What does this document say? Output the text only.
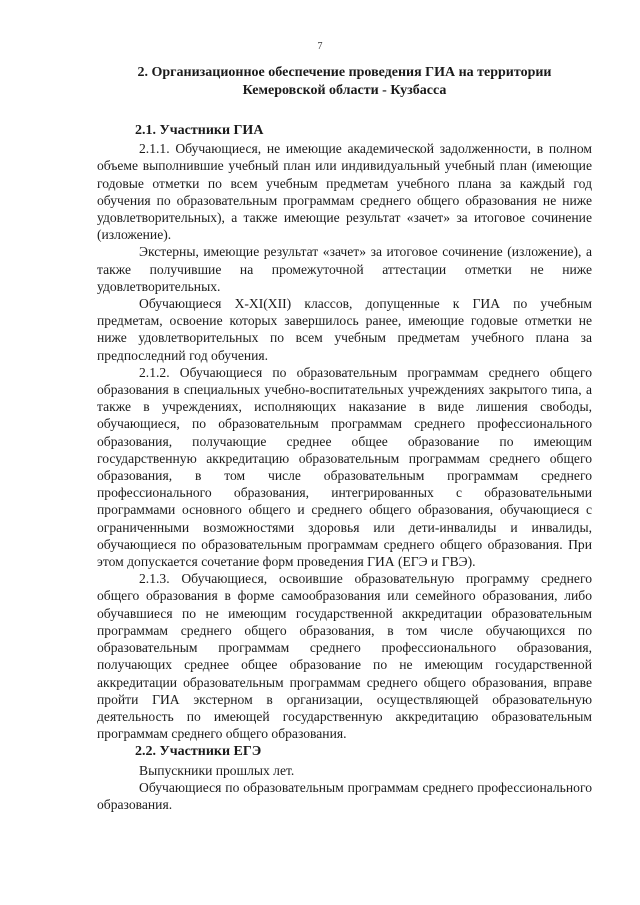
7
2. Организационное обеспечение проведения ГИА на территории Кемеровской области - Кузбасса
2.1. Участники ГИА

2.1.1. Обучающиеся, не имеющие академической задолженности, в полном объеме выполнившие учебный план или индивидуальный учебный план (имеющие годовые отметки по всем учебным предметам учебного плана за каждый год обучения по образовательным программам среднего общего образования не ниже удовлетворительных), а также имеющие результат «зачет» за итоговое сочинение (изложение).

Экстерны, имеющие результат «зачет» за итоговое сочинение (изложение), а также получившие на промежуточной аттестации отметки не ниже удовлетворительных.

Обучающиеся X-XI(XII) классов, допущенные к ГИА по учебным предметам, освоение которых завершилось ранее, имеющие годовые отметки не ниже удовлетворительных по всем учебным предметам учебного плана за предпоследний год обучения.

2.1.2. Обучающиеся по образовательным программам среднего общего образования в специальных учебно-воспитательных учреждениях закрытого типа, а также в учреждениях, исполняющих наказание в виде лишения свободы, обучающиеся, по образовательным программам среднего профессионального образования, получающие среднее общее образование по имеющим государственную аккредитацию образовательным программам среднего общего образования, в том числе образовательным программам среднего профессионального образования, интегрированных с образовательными программами основного общего и среднего общего образования, обучающиеся с ограниченными возможностями здоровья или дети-инвалиды и инвалиды, обучающиеся по образовательным программам среднего общего образования. При этом допускается сочетание форм проведения ГИА (ЕГЭ и ГВЭ).

2.1.3. Обучающиеся, освоившие образовательную программу среднего общего образования в форме самообразования или семейного образования, либо обучавшиеся по не имеющим государственной аккредитации образовательным программам среднего общего образования, в том числе обучающихся по образовательным программам среднего профессионального образования, получающих среднее общее образование по не имеющим государственной аккредитации образовательным программам среднего общего образования, вправе пройти ГИА экстерном в организации, осуществляющей образовательную деятельность по имеющей государственную аккредитацию образовательным программам среднего общего образования.

2.2. Участники ЕГЭ

Выпускники прошлых лет.

Обучающиеся по образовательным программам среднего профессионального образования.
